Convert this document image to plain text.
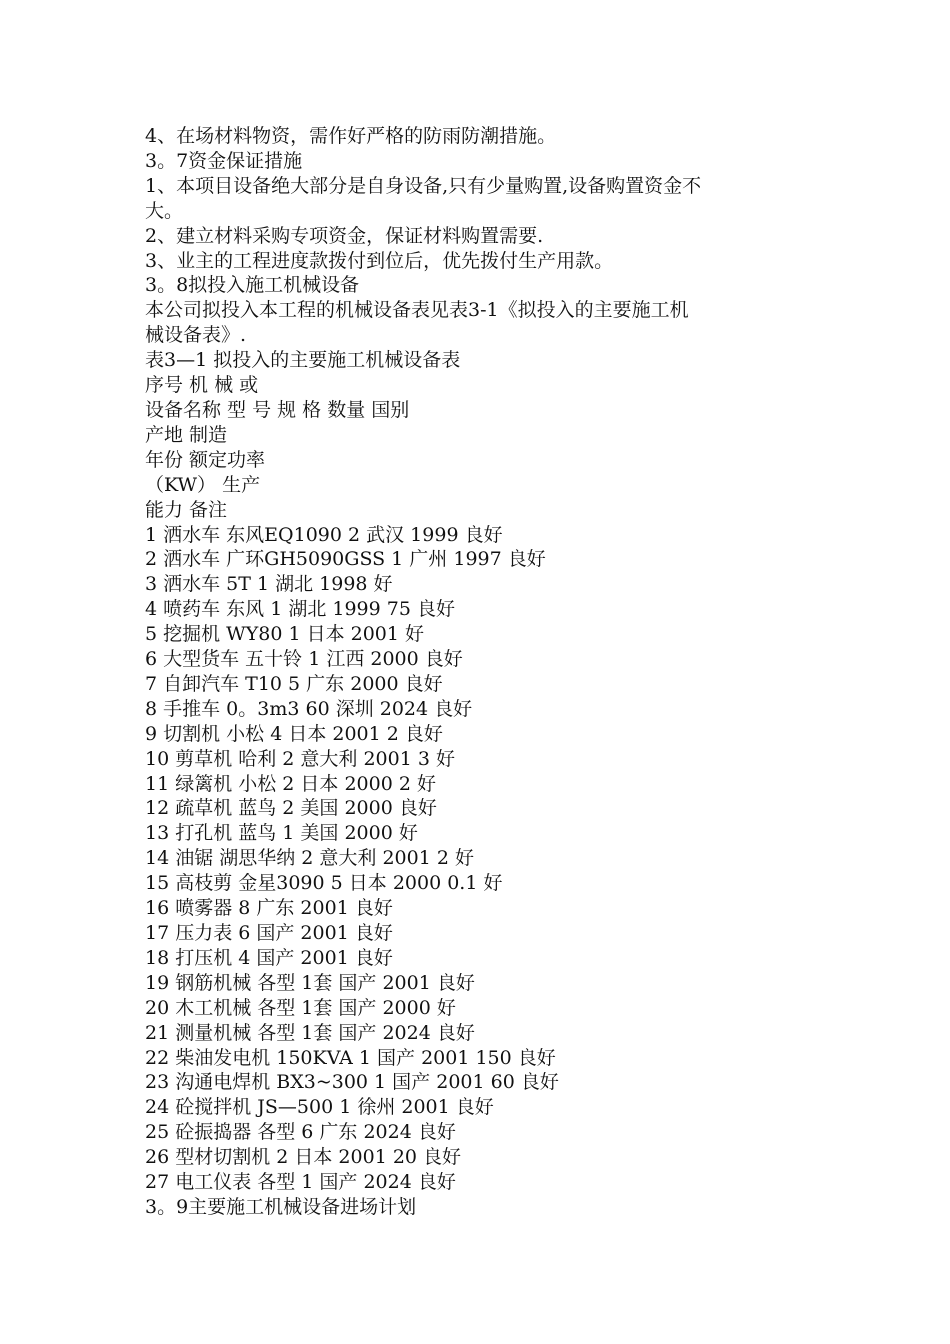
4、在场材料物资，需作好严格的防雨防潮措施。

3。7资金保证措施

1、本项目设备绝大部分是自身设备,只有少量购置,设备购置资金不

大。

2、建立材料采购专项资金，保证材料购置需要.

3、业主的工程进度款拨付到位后，优先拨付生产用款。

3。8拟投入施工机械设备

本公司拟投入本工程的机械设备表见表3-1《拟投入的主要施工机

械设备表》.

表3—1 拟投入的主要施工机械设备表

序号 机 械 或

设备名称 型 号 规 格 数量 国别

产地 制造

年份 额定功率

（KW） 生产

能力 备注

1 洒水车 东风EQ1090 2 武汉 1999 良好

2 洒水车 广环GH5090GSS 1 广州 1997 良好

3 洒水车 5T 1 湖北 1998 好

4 喷药车 东风 1 湖北 1999 75 良好

5 挖掘机 WY80 1 日本 2001 好

6 大型货车 五十铃 1 江西 2000 良好

7 自卸汽车 T10 5 广东 2000 良好

8 手推车 0。3m3 60 深圳 2024 良好

9 切割机 小松 4 日本 2001 2 良好

10 剪草机 哈利 2 意大利 2001 3 好

11 绿篱机 小松 2 日本 2000 2 好

12 疏草机 蓝鸟 2 美国 2000 良好

13 打孔机 蓝鸟 1 美国 2000 好

14 油锯 湖思华纳 2 意大利 2001 2 好

15 高枝剪 金星3090 5 日本 2000 0.1 好

16 喷雾器 8 广东 2001 良好

17 压力表 6 国产 2001 良好

18 打压机 4 国产 2001 良好

19 钢筋机械 各型 1套 国产 2001 良好

20 木工机械 各型 1套 国产 2000 好

21 测量机械 各型 1套 国产 2024 良好

22 柴油发电机 150KVA 1 国产 2001 150 良好

23 沟通电焊机 BX3~300 1 国产 2001 60 良好

24 砼搅拌机 JS—500 1 徐州 2001 良好

25 砼振捣器 各型 6 广东 2024 良好

26 型材切割机 2 日本 2001 20 良好

27 电工仪表 各型 1 国产 2024 良好

3。9主要施工机械设备进场计划
